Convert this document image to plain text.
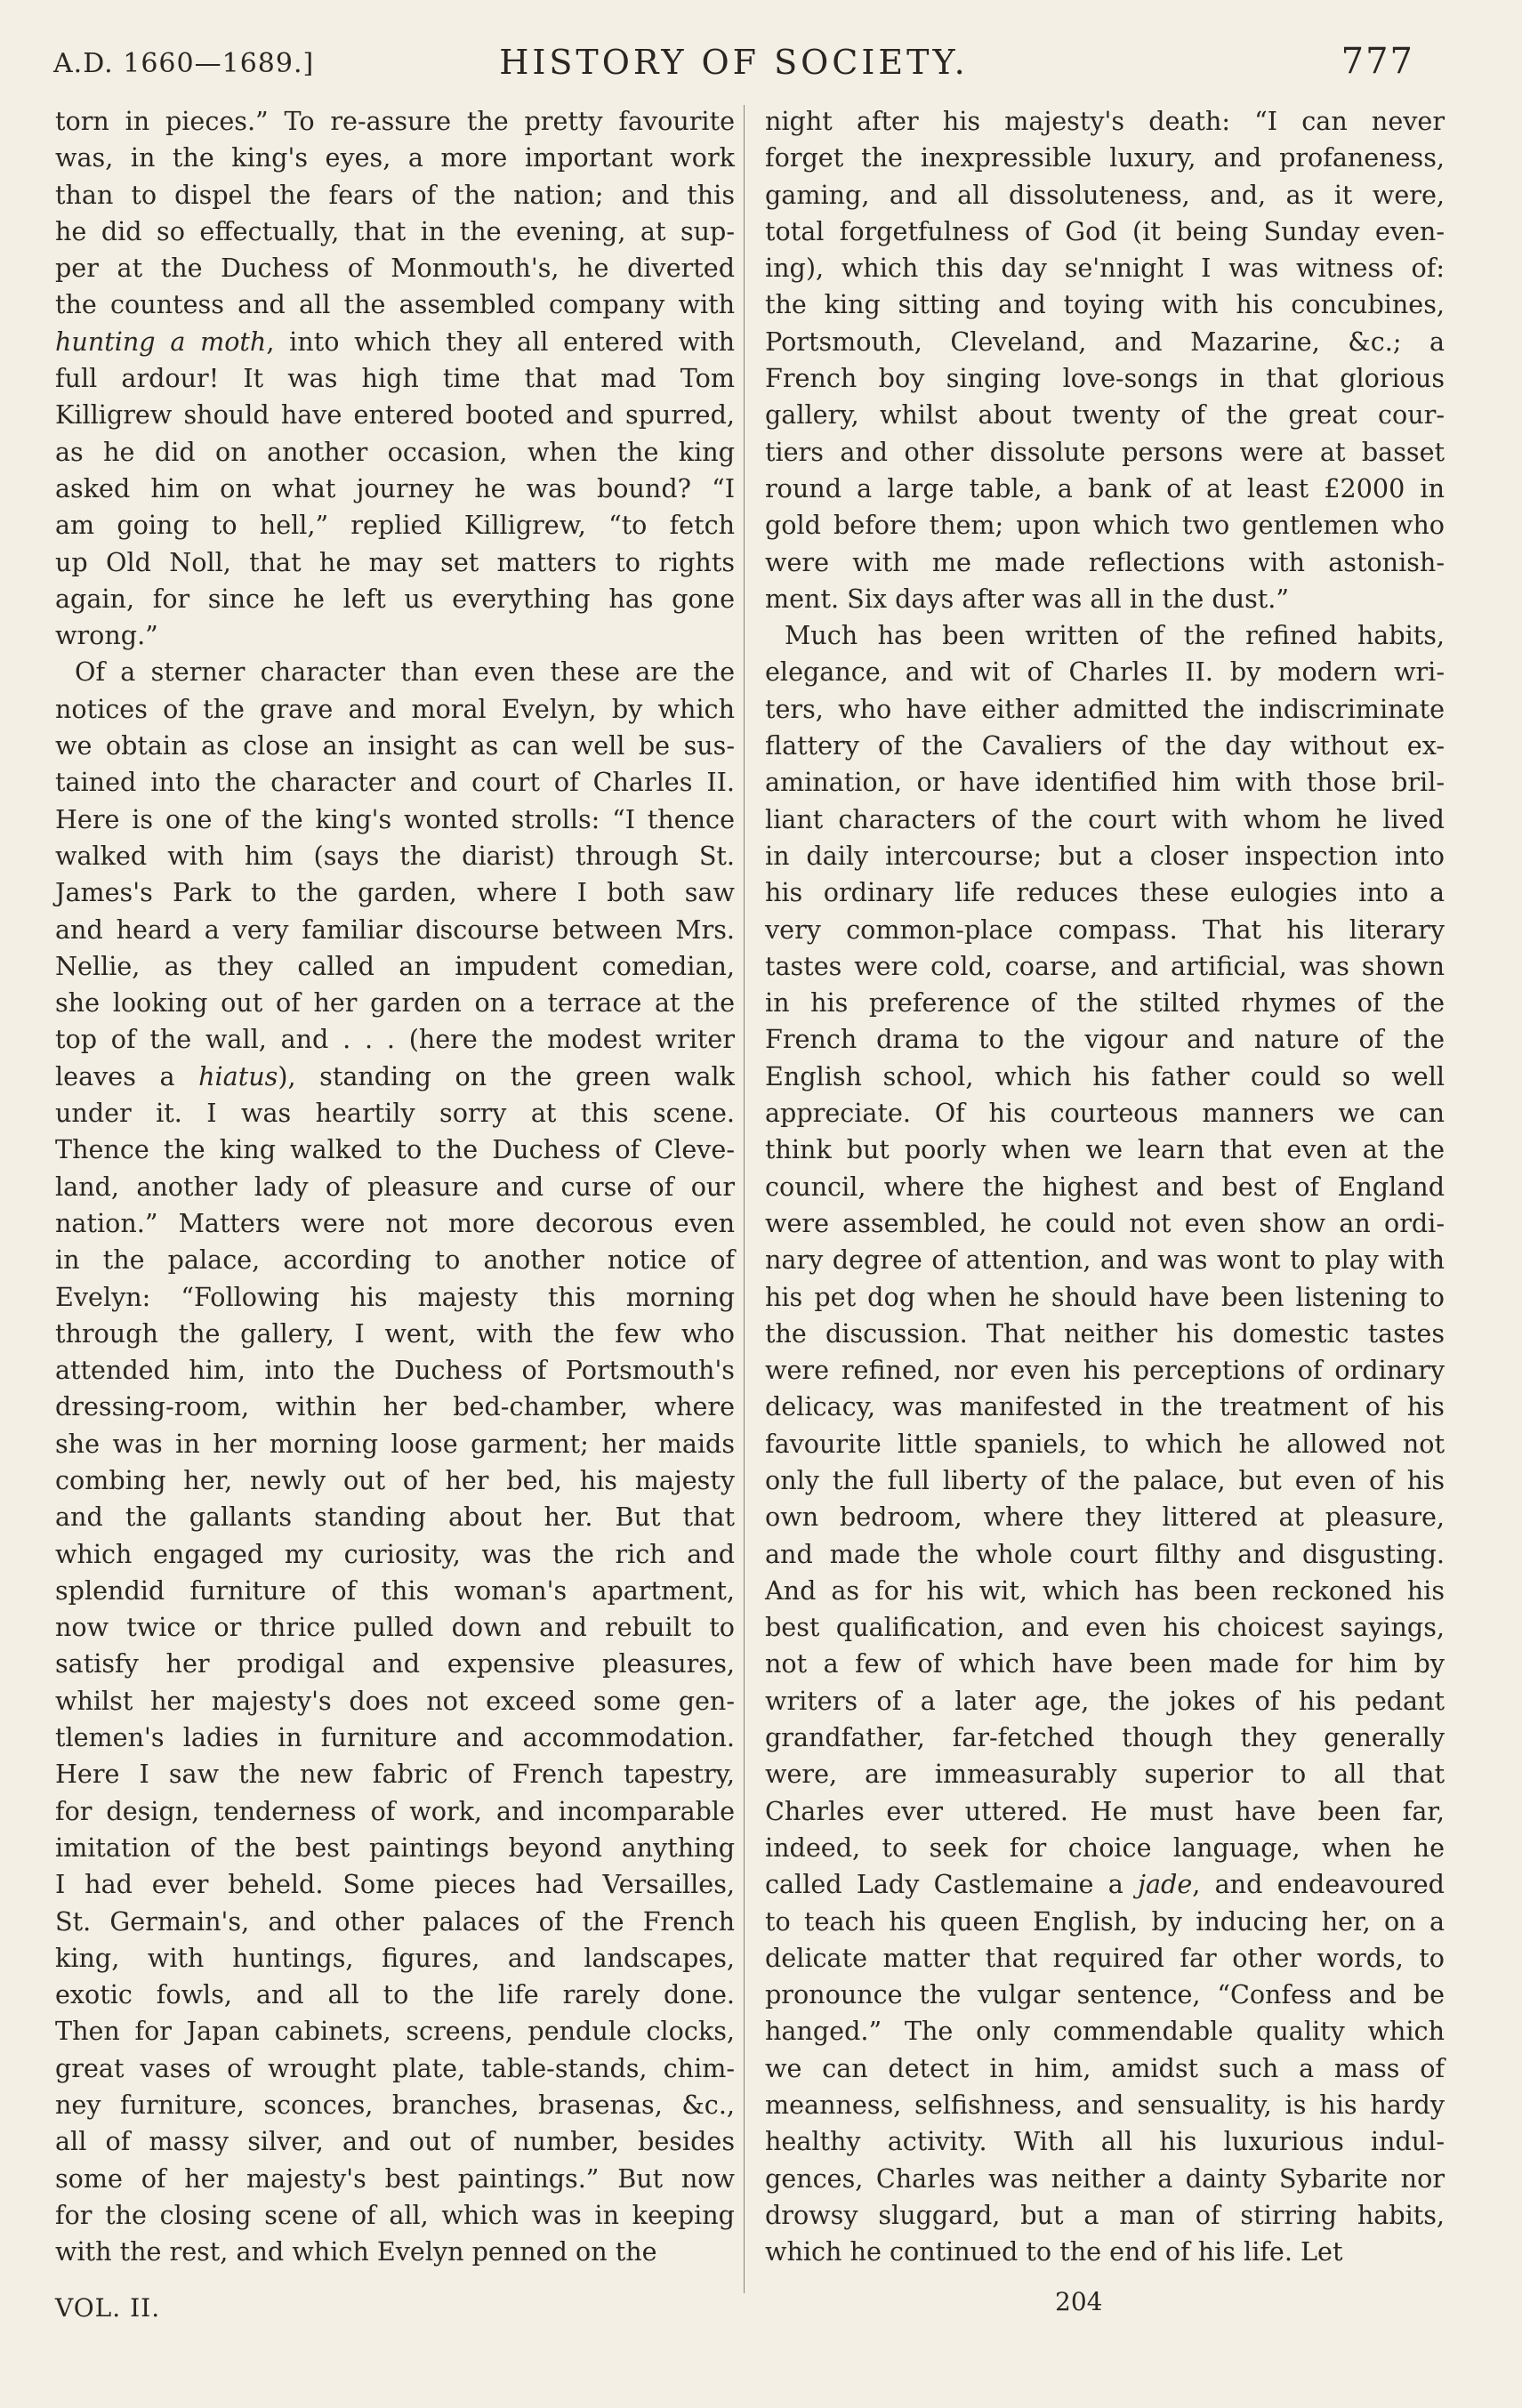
A.D. 1660—1689.]	HISTORY OF SOCIETY.	777
torn in pieces.” To re-assure the pretty favourite
was, in the king's eyes, a more important work
than to dispel the fears of the nation; and this
he did so effectually, that in the evening, at sup-
per at the Duchess of Monmouth's, he diverted
the countess and all the assembled company with
hunting a moth, into which they all entered with
full ardour! It was high time that mad Tom
Killigrew should have entered booted and spurred,
as he did on another occasion, when the king
asked him on what journey he was bound? “I
am going to hell,” replied Killigrew, “to fetch
up Old Noll, that he may set matters to rights
again, for since he left us everything has gone
wrong.”
Of a sterner character than even these are the
notices of the grave and moral Evelyn, by which
we obtain as close an insight as can well be sus-
tained into the character and court of Charles II.
Here is one of the king's wonted strolls: “I thence
walked with him (says the diarist) through St.
James's Park to the garden, where I both saw
and heard a very familiar discourse between Mrs.
Nellie, as they called an impudent comedian,
she looking out of her garden on a terrace at the
top of the wall, and . . . (here the modest writer
leaves a hiatus), standing on the green walk
under it. I was heartily sorry at this scene.
Thence the king walked to the Duchess of Cleve-
land, another lady of pleasure and curse of our
nation.” Matters were not more decorous even
in the palace, according to another notice of
Evelyn: “Following his majesty this morning
through the gallery, I went, with the few who
attended him, into the Duchess of Portsmouth's
dressing-room, within her bed-chamber, where
she was in her morning loose garment; her maids
combing her, newly out of her bed, his majesty
and the gallants standing about her. But that
which engaged my curiosity, was the rich and
splendid furniture of this woman's apartment,
now twice or thrice pulled down and rebuilt to
satisfy her prodigal and expensive pleasures,
whilst her majesty's does not exceed some gen-
tlemen's ladies in furniture and accommodation.
Here I saw the new fabric of French tapestry,
for design, tenderness of work, and incomparable
imitation of the best paintings beyond anything
I had ever beheld. Some pieces had Versailles,
St. Germain's, and other palaces of the French
king, with huntings, figures, and landscapes,
exotic fowls, and all to the life rarely done.
Then for Japan cabinets, screens, pendule clocks,
great vases of wrought plate, table-stands, chim-
ney furniture, sconces, branches, brasenas, &c.,
all of massy silver, and out of number, besides
some of her majesty's best paintings.” But now
for the closing scene of all, which was in keeping
with the rest, and which Evelyn penned on the
night after his majesty's death: “I can never
forget the inexpressible luxury, and profaneness,
gaming, and all dissoluteness, and, as it were,
total forgetfulness of God (it being Sunday even-
ing), which this day se'nnight I was witness of:
the king sitting and toying with his concubines,
Portsmouth, Cleveland, and Mazarine, &c.; a
French boy singing love-songs in that glorious
gallery, whilst about twenty of the great cour-
tiers and other dissolute persons were at basset
round a large table, a bank of at least £2000 in
gold before them; upon which two gentlemen who
were with me made reflections with astonish-
ment. Six days after was all in the dust.”
Much has been written of the refined habits,
elegance, and wit of Charles II. by modern wri-
ters, who have either admitted the indiscriminate
flattery of the Cavaliers of the day without ex-
amination, or have identified him with those bril-
liant characters of the court with whom he lived
in daily intercourse; but a closer inspection into
his ordinary life reduces these eulogies into a
very common-place compass. That his literary
tastes were cold, coarse, and artificial, was shown
in his preference of the stilted rhymes of the
French drama to the vigour and nature of the
English school, which his father could so well
appreciate. Of his courteous manners we can
think but poorly when we learn that even at the
council, where the highest and best of England
were assembled, he could not even show an ordi-
nary degree of attention, and was wont to play with
his pet dog when he should have been listening to
the discussion. That neither his domestic tastes
were refined, nor even his perceptions of ordinary
delicacy, was manifested in the treatment of his
favourite little spaniels, to which he allowed not
only the full liberty of the palace, but even of his
own bedroom, where they littered at pleasure,
and made the whole court filthy and disgusting.
And as for his wit, which has been reckoned his
best qualification, and even his choicest sayings,
not a few of which have been made for him by
writers of a later age, the jokes of his pedant
grandfather, far-fetched though they generally
were, are immeasurably superior to all that
Charles ever uttered. He must have been far,
indeed, to seek for choice language, when he
called Lady Castlemaine a jade, and endeavoured
to teach his queen English, by inducing her, on a
delicate matter that required far other words, to
pronounce the vulgar sentence, “Confess and be
hanged.” The only commendable quality which
we can detect in him, amidst such a mass of
meanness, selfishness, and sensuality, is his hardy
healthy activity. With all his luxurious indul-
gences, Charles was neither a dainty Sybarite nor
drowsy sluggard, but a man of stirring habits,
which he continued to the end of his life. Let
VOL. II.	204
